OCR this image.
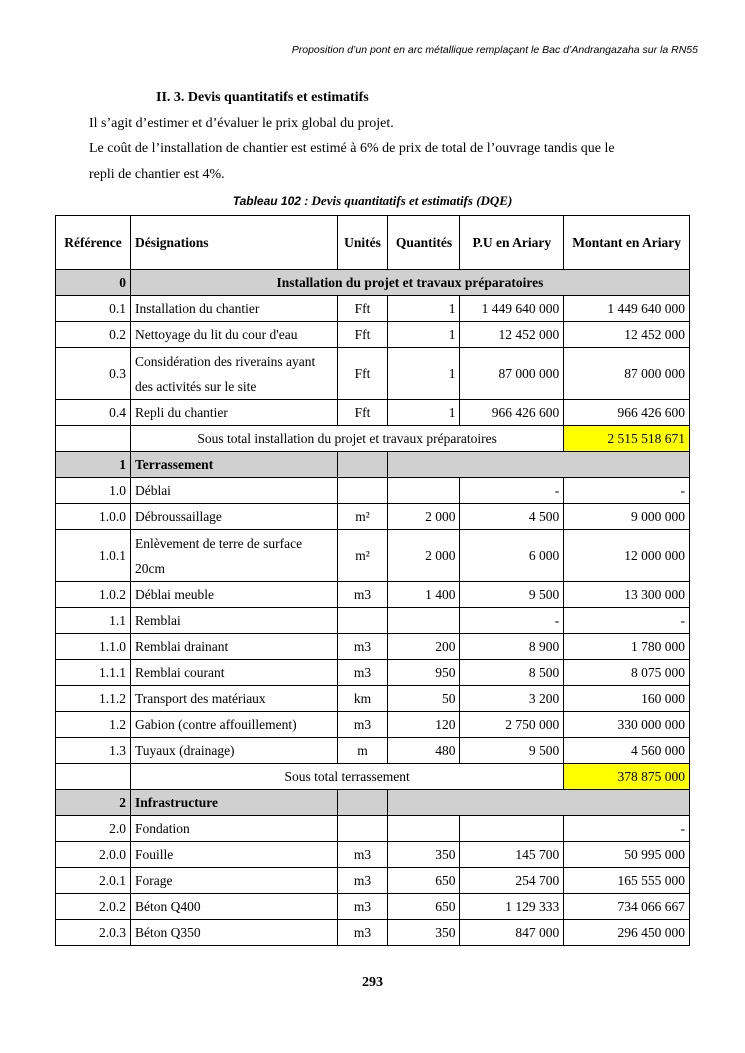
Proposition d’un pont en arc métallique remplaçant le Bac d’Andrangazaha sur la RN55
II. 3. Devis quantitatifs et estimatifs
Il s’agit d’estimer et d’évaluer le prix global du projet.
Le coût de l’installation de chantier est estimé à 6% de prix de total de l’ouvrage tandis que le
repli de chantier est 4%.
Tableau 102 : Devis quantitatifs et estimatifs (DQE)
Référence	Désignations	Unités	Quantités	P.U en Ariary	Montant en Ariary
0	Installation du projet et travaux préparatoires				
0.1	Installation du chantier	Fft	1	1 449 640 000	1 449 640 000
0.2	Nettoyage du lit du cour d'eau	Fft	1	12 452 000	12 452 000
0.3	Considération des riverains ayant des activités sur le site	Fft	1	87 000 000	87 000 000
0.4	Repli du chantier	Fft	1	966 426 600	966 426 600
	Sous total installation du projet et travaux préparatoires				2 515 518 671
1	Terrassement				
1.0	Déblai			-	-
1.0.0	Débroussaillage	m²	2 000	4 500	9 000 000
1.0.1	Enlèvement de terre de surface 20cm	m²	2 000	6 000	12 000 000
1.0.2	Déblai meuble	m3	1 400	9 500	13 300 000
1.1	Remblai			-	-
1.1.0	Remblai drainant	m3	200	8 900	1 780 000
1.1.1	Remblai courant	m3	950	8 500	8 075 000
1.1.2	Transport des matériaux	km	50	3 200	160 000
1.2	Gabion (contre affouillement)	m3	120	2 750 000	330 000 000
1.3	Tuyaux (drainage)	m	480	9 500	4 560 000
	Sous total terrassement				378 875 000
2	Infrastructure				
2.0	Fondation				-
2.0.0	Fouille	m3	350	145 700	50 995 000
2.0.1	Forage	m3	650	254 700	165 555 000
2.0.2	Béton Q400	m3	650	1 129 333	734 066 667
2.0.3	Béton Q350	m3	350	847 000	296 450 000
293
